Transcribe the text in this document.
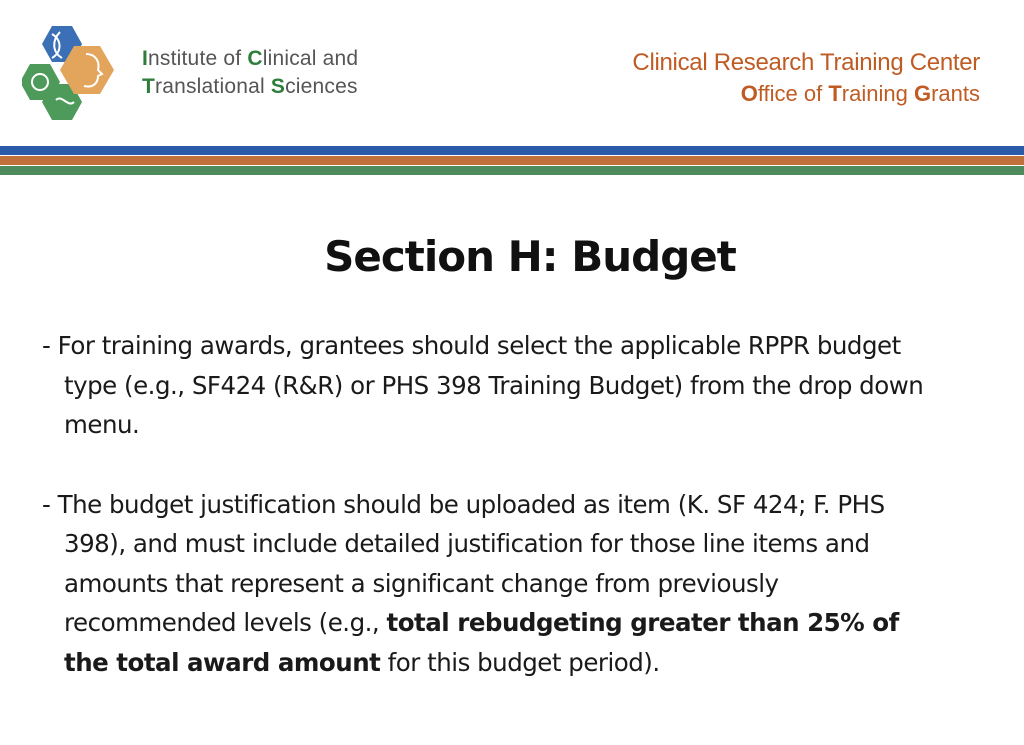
Institute of Clinical and
Translational Sciences
Clinical Research Training Center
Office of Training Grants
Section H: Budget

- For training awards, grantees should select the applicable RPPR budget type (e.g., SF424 (R&R) or PHS 398 Training Budget) from the drop down menu.

- The budget justification should be uploaded as item (K. SF 424; F. PHS 398), and must include detailed justification for those line items and amounts that represent a significant change from previously recommended levels (e.g., total rebudgeting greater than 25% of the total award amount for this budget period).
